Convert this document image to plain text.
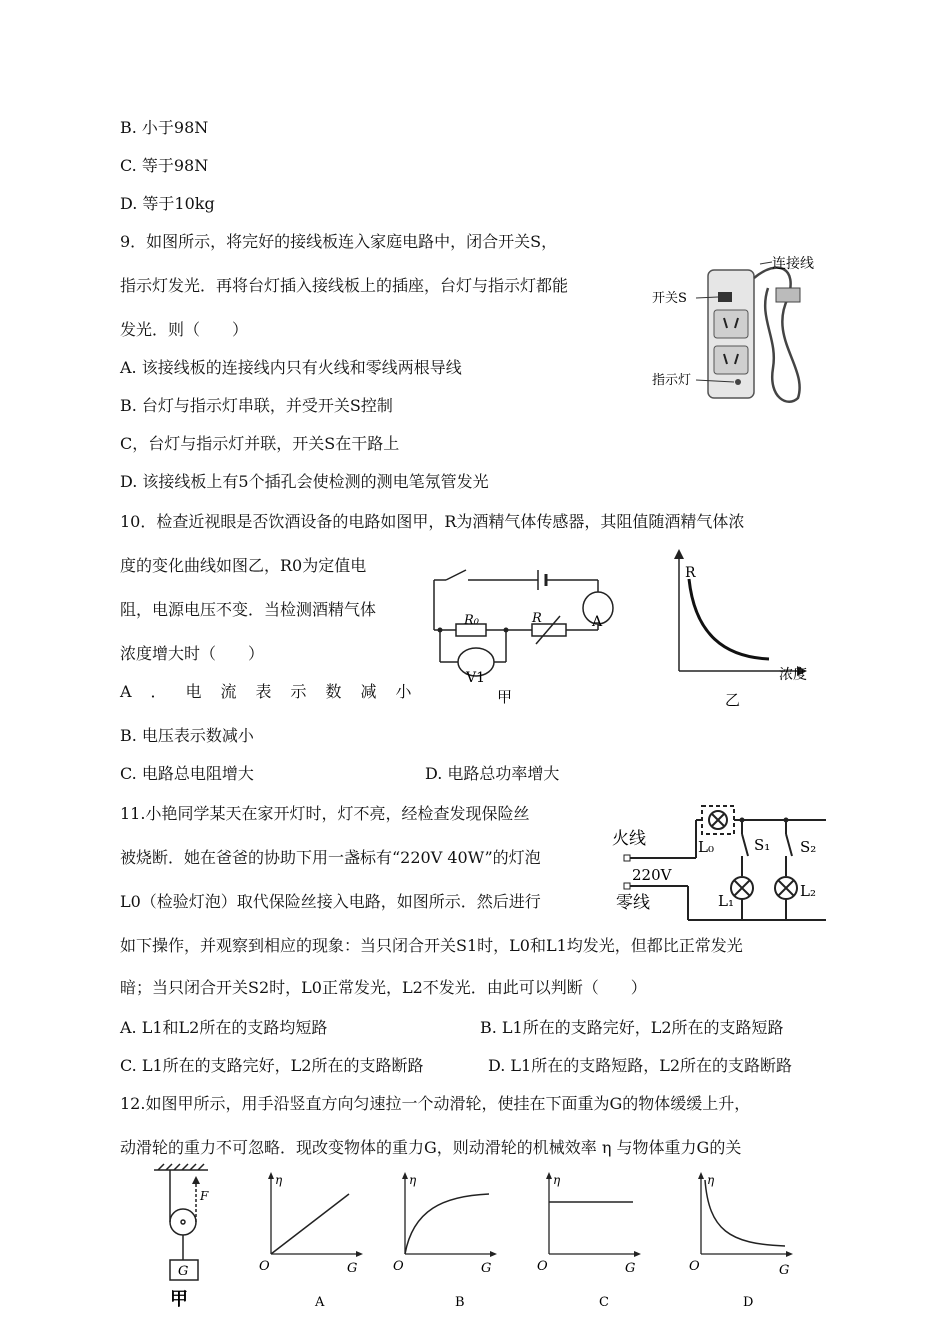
B. 小于98N
C. 等于98N
D. 等于10kg
9．如图所示，将完好的接线板连入家庭电路中，闭合开关S，
指示灯发光．再将台灯插入接线板上的插座，台灯与指示灯都能
发光．则（　　）
A. 该接线板的连接线内只有火线和零线两根导线
B. 台灯与指示灯串联，并受开关S控制
C，台灯与指示灯并联，开关S在干路上
D. 该接线板上有5个插孔会使检测的测电笔氖管发光
连接线
开关S
指示灯
10．检查近视眼是否饮酒设备的电路如图甲，R为酒精气体传感器，其阻值随酒精气体浓
度的变化曲线如图乙，R0为定值电
阻，电源电压不变．当检测酒精气体
浓度增大时（　　）
A．电流表示数减小
B. 电压表示数减小
C. 电路总电阻增大	D. 电路总功率增大
R₀	R	A
V1
甲
R
浓度
乙
11.小艳同学某天在家开灯时，灯不亮，经检查发现保险丝
被烧断．她在爸爸的协助下用一盏标有“220V 40W”的灯泡
L0（检验灯泡）取代保险丝接入电路，如图所示．然后进行
如下操作，并观察到相应的现象：当只闭合开关S1时，L0和L1均发光，但都比正常发光
暗；当只闭合开关S2时，L0正常发光，L2不发光．由此可以判断（　　）
A. L1和L2所在的支路均短路	B. L1所在的支路完好，L2所在的支路短路
C. L1所在的支路完好，L2所在的支路断路	D. L1所在的支路短路，L2所在的支路断路
火线
零线
220V
L₀
L₁
L₂
S₁ S₂
12.如图甲所示，用手沿竖直方向匀速拉一个动滑轮，使挂在下面重为G的物体缓缓上升，
动滑轮的重力不可忽略．现改变物体的重力G，则动滑轮的机械效率 η 与物体重力G的关
F
G
甲
η
O	G
A
η
O	G
B
η
O	G
C
η
O	G
D
